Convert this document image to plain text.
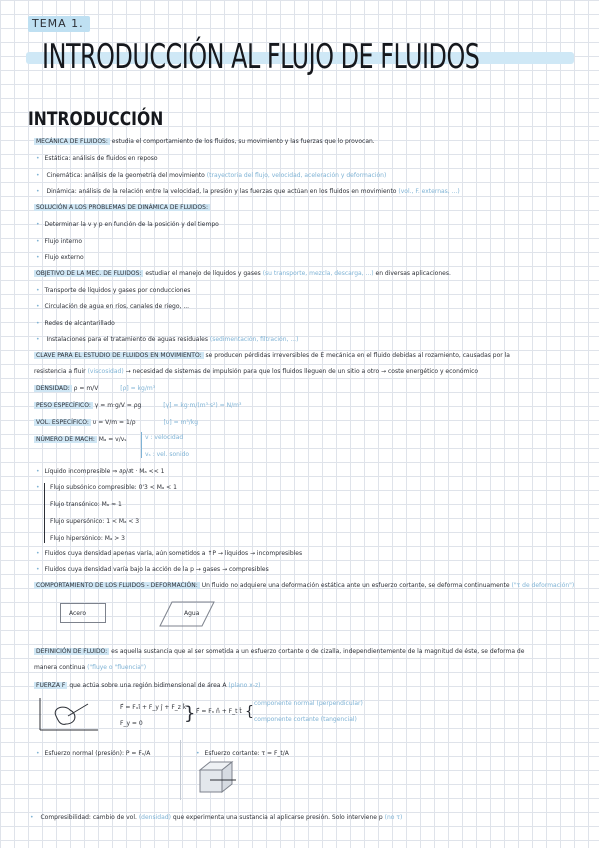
TEMA 1.
INTRODUCCIÓN AL FLUJO DE FLUIDOS
INTRODUCCIÓN
MECÁNICA DE FLUIDOS: estudia el comportamiento de los fluidos, su movimiento y las fuerzas que lo provocan.
• Estática: análisis de fluidos en reposo
• Cinemática: análisis de la geometría del movimiento (trayectoria del flujo, velocidad, aceleración y deformación)
• Dinámica: análisis de la relación entre la velocidad, la presión y las fuerzas que actúan en los fluidos en movimiento (vol., F. externas, ...)
SOLUCIÓN A LOS PROBLEMAS DE DINÁMICA DE FLUIDOS:
• Determinar la v y p en función de la posición y del tiempo
• Flujo interno
• Flujo externo
OBJETIVO DE LA MEC. DE FLUIDOS: estudiar el manejo de líquidos y gases (su transporte, mezcla, descarga, ...) en diversas aplicaciones.
• Transporte de líquidos y gases por conducciones
• Circulación de agua en ríos, canales de riego, ...
• Redes de alcantarillado
• Instalaciones para el tratamiento de aguas residuales (sedimentación, filtración, ...)
CLAVE PARA EL ESTUDIO DE FLUIDOS EN MOVIMIENTO: se producen pérdidas irreversibles de E mecánica en el fluido debidas al rozamiento, causadas por la
resistencia a fluir (viscosidad) → necesidad de sistemas de impulsión para que los fluidos lleguen de un sitio a otro → coste energético y económico
DENSIDAD: ρ = m/V	[ρ] = kg/m³
PESO ESPECÍFICO: γ = m·g/V = ρg	[γ] = kg·m/(m³·s²) = N/m³
VOL. ESPECÍFICO: υ = V/m = 1/ρ	[υ] = m³/kg
NÚMERO DE MACH: Mₐ = v/vₛ	v : velocidad
vₛ : vel. sonido
• Líquido incompresible ⇒ ∂ρ/∂t · Mₐ << 1
• Flujo subsónico compresible: 0'3 < Mₐ < 1
Flujo transónico: Mₐ ≈ 1
Flujo supersónico: 1 < Mₐ < 3
Flujo hipersónico: Mₐ > 3
• Fluidos cuya densidad apenas varía, aún sometidos a ↑P → líquidos → incompresibles
• Fluidos cuya densidad varía bajo la acción de la p → gases → compresibles
COMPORTAMIENTO DE LOS FLUIDOS - DEFORMACIÓN: Un fluido no adquiere una deformación estática ante un esfuerzo cortante, se deforma continuamente ("τ de deformación")
Acero	Agua
DEFINICIÓN DE FLUIDO: es aquella sustancia que al ser sometida a un esfuerzo cortante o de cizalla, independientemente de la magnitud de éste, se deforma de
manera continua ("fluye o "fluencia")
FUERZA F que actúa sobre una región bidimensional de área A (plano x-z)
F⃗ = Fₓî + F_y ĵ + F_z k̂
F_y = 0 } F⃗ = Fₙ n̂ + F_t t̂ {
componente normal (perpendicular)
componente cortante (tangencial)
• Esfuerzo normal (presión): P = Fₙ/A
•	Esfuerzo cortante: τ = F_t/A
• Compresibilidad: cambio de vol. (densidad) que experimenta una sustancia al aplicarse presión. Solo interviene p (no τ)
